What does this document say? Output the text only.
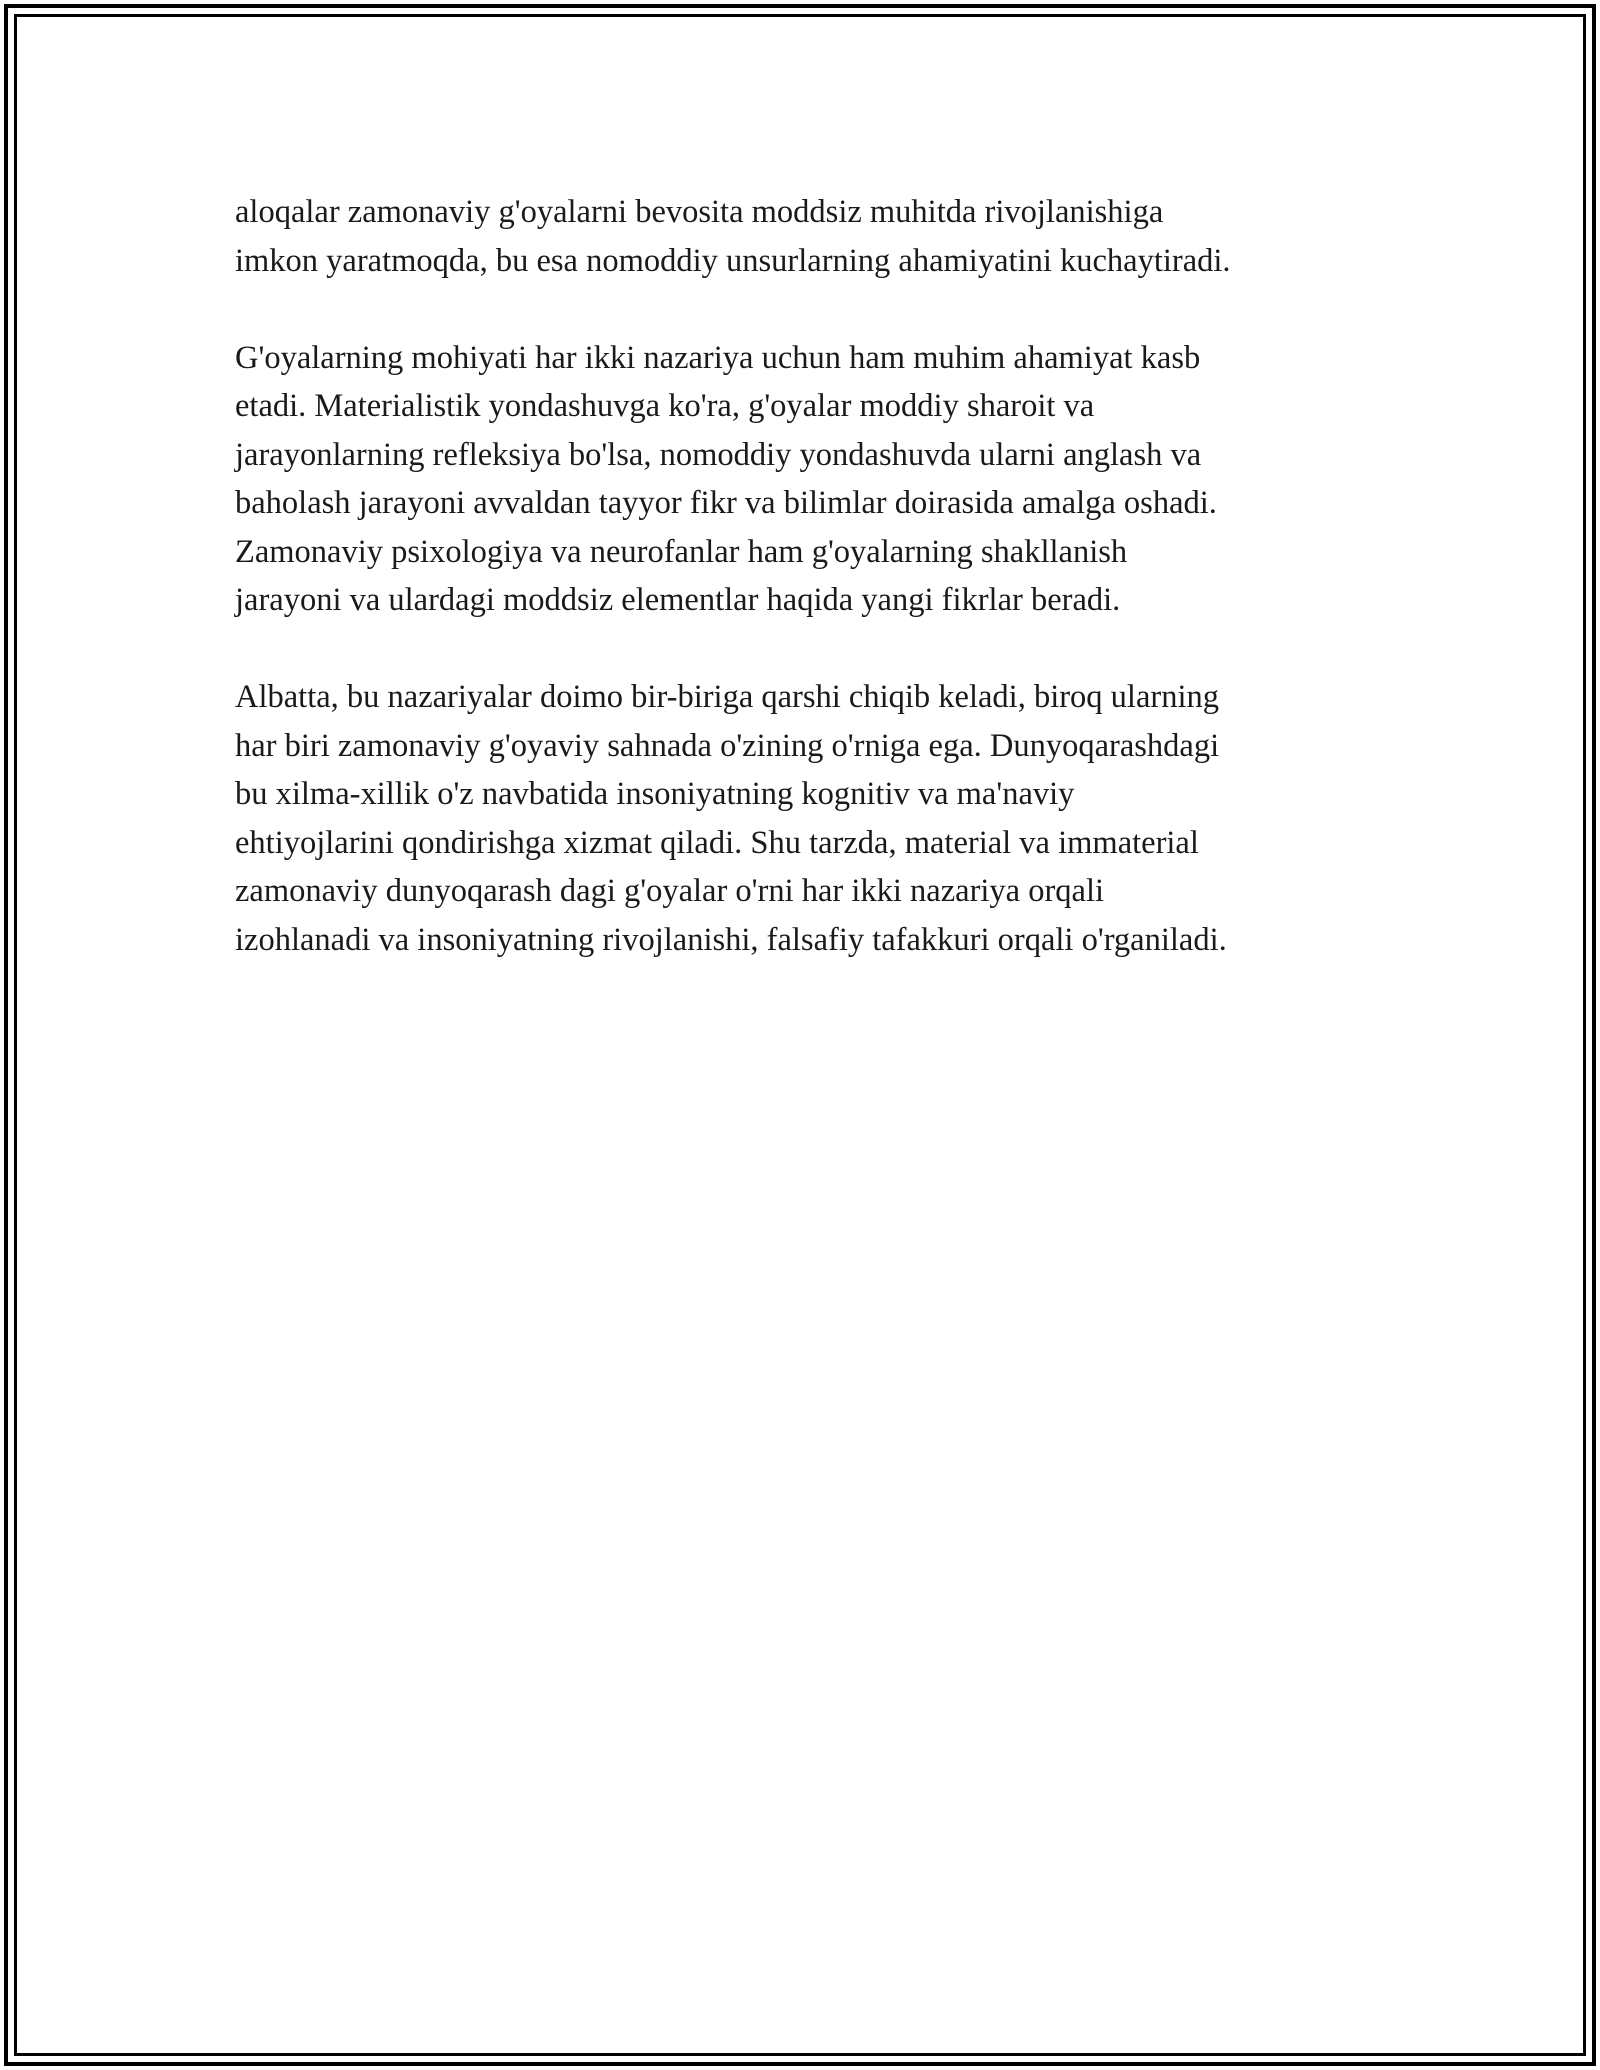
aloqalar zamonaviy g'oyalarni bevosita moddsiz muhitda rivojlanishiga
imkon yaratmoqda, bu esa nomoddiy unsurlarning ahamiyatini kuchaytiradi.

G'oyalarning mohiyati har ikki nazariya uchun ham muhim ahamiyat kasb
etadi. Materialistik yondashuvga ko'ra, g'oyalar moddiy sharoit va
jarayonlarning refleksiya bo'lsa, nomoddiy yondashuvda ularni anglash va
baholash jarayoni avvaldan tayyor fikr va bilimlar doirasida amalga oshadi.
Zamonaviy psixologiya va neurofanlar ham g'oyalarning shakllanish
jarayoni va ulardagi moddsiz elementlar haqida yangi fikrlar beradi.

Albatta, bu nazariyalar doimo bir-biriga qarshi chiqib keladi, biroq ularning
har biri zamonaviy g'oyaviy sahnada o'zining o'rniga ega. Dunyoqarashdagi
bu xilma-xillik o'z navbatida insoniyatning kognitiv va ma'naviy
ehtiyojlarini qondirishga xizmat qiladi. Shu tarzda, material va immaterial
zamonaviy dunyoqarash dagi g'oyalar o'rni har ikki nazariya orqali
izohlanadi va insoniyatning rivojlanishi, falsafiy tafakkuri orqali o'rganiladi.
